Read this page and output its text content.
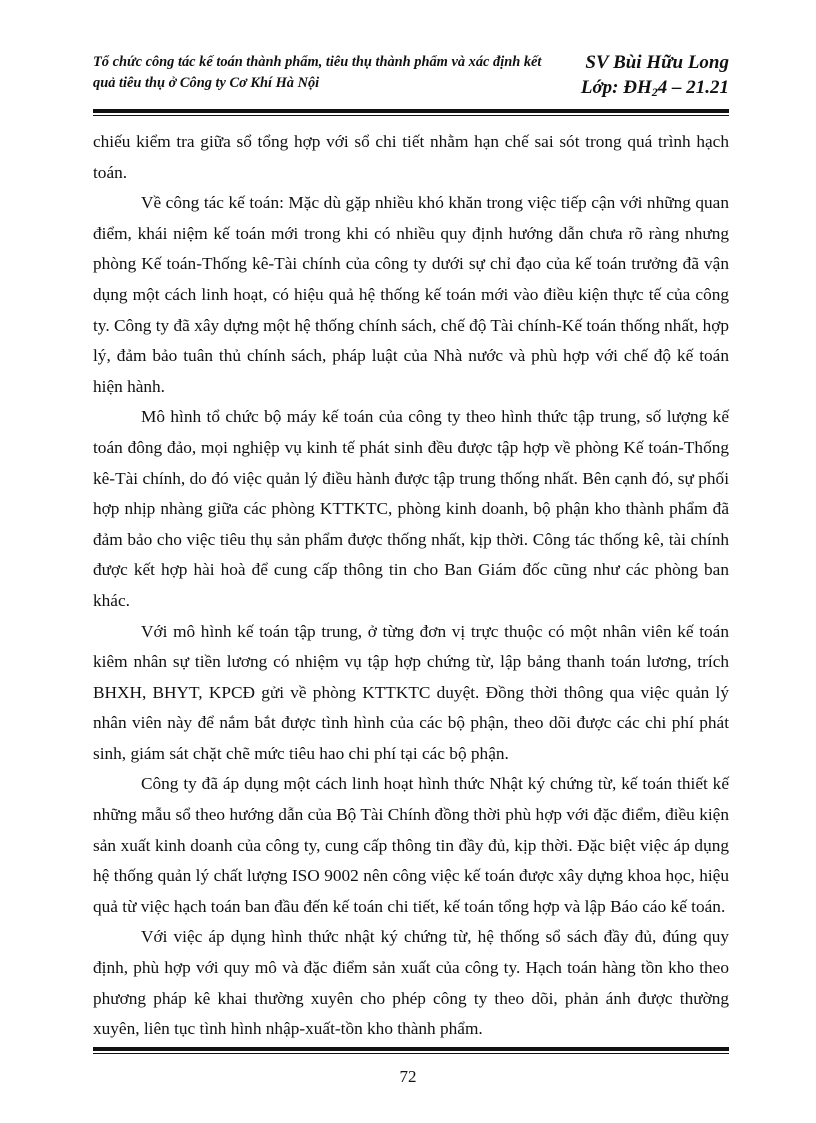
Tổ chức công tác kế toán thành phẩm, tiêu thụ thành phẩm và xác định kết quả tiêu thụ ở Công ty Cơ Khí Hà Nội
SV Bùi Hữu Long
Lớp: $ĐH_24 - 21.21$

chiếu kiểm tra giữa sổ tổng hợp với sổ chi tiết nhằm hạn chế sai sót trong quá trình hạch toán.

Về công tác kế toán: Mặc dù gặp nhiều khó khăn trong việc tiếp cận với những quan điểm, khái niệm kế toán mới trong khi có nhiều quy định hướng dẫn chưa rõ ràng nhưng phòng Kế toán-Thống kê-Tài chính của công ty dưới sự chỉ đạo của kế toán trưởng đã vận dụng một cách linh hoạt, có hiệu quả hệ thống kế toán mới vào điều kiện thực tế của công ty. Công ty đã xây dựng một hệ thống chính sách, chế độ Tài chính-Kế toán thống nhất, hợp lý, đảm bảo tuân thủ chính sách, pháp luật của Nhà nước và phù hợp với chế độ kế toán hiện hành.

Mô hình tổ chức bộ máy kế toán của công ty theo hình thức tập trung, số lượng kế toán đông đảo, mọi nghiệp vụ kinh tế phát sinh đều được tập hợp về phòng Kế toán-Thống kê-Tài chính, do đó việc quản lý điều hành được tập trung thống nhất. Bên cạnh đó, sự phối hợp nhịp nhàng giữa các phòng KTTKTC, phòng kinh doanh, bộ phận kho thành phẩm đã đảm bảo cho việc tiêu thụ sản phẩm được thống nhất, kịp thời. Công tác thống kê, tài chính được kết hợp hài hoà để cung cấp thông tin cho Ban Giám đốc cũng như các phòng ban khác.

Với mô hình kế toán tập trung, ở từng đơn vị trực thuộc có một nhân viên kế toán kiêm nhân sự tiền lương có nhiệm vụ tập hợp chứng từ, lập bảng thanh toán lương, trích BHXH, BHYT, KPCĐ gửi về phòng KTTKTC duyệt. Đồng thời thông qua việc quản lý nhân viên này để nắm bắt được tình hình của các bộ phận, theo dõi được các chi phí phát sinh, giám sát chặt chẽ mức tiêu hao chi phí tại các bộ phận.

Công ty đã áp dụng một cách linh hoạt hình thức Nhật ký chứng từ, kế toán thiết kế những mẫu sổ theo hướng dẫn của Bộ Tài Chính đồng thời phù hợp với đặc điểm, điều kiện sản xuất kinh doanh của công ty, cung cấp thông tin đầy đủ, kịp thời. Đặc biệt việc áp dụng hệ thống quản lý chất lượng ISO 9002 nên công việc kế toán được xây dựng khoa học, hiệu quả từ việc hạch toán ban đầu đến kế toán chi tiết, kế toán tổng hợp và lập Báo cáo kế toán.

Với việc áp dụng hình thức nhật ký chứng từ, hệ thống sổ sách đầy đủ, đúng quy định, phù hợp với quy mô và đặc điểm sản xuất của công ty. Hạch toán hàng tồn kho theo phương pháp kê khai thường xuyên cho phép công ty theo dõi, phản ánh được thường xuyên, liên tục tình hình nhập-xuất-tồn kho thành phẩm.

72
